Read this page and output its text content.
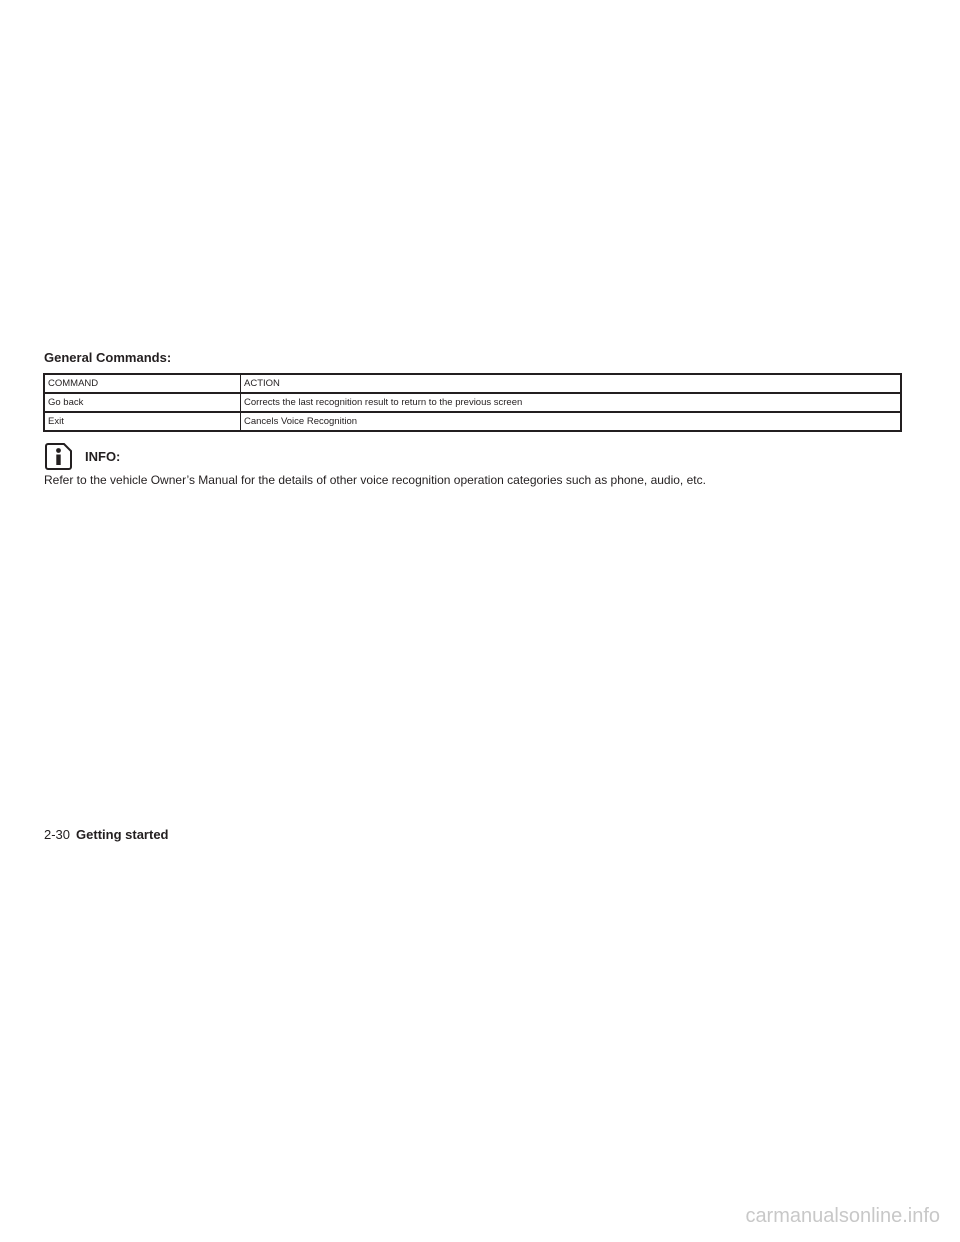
General Commands:
COMMAND	ACTION
Go back	Corrects the last recognition result to return to the previous screen
Exit	Cancels Voice Recognition
INFO:

Refer to the vehicle Owner’s Manual for the details of other voice recognition operation categories such as phone, audio, etc.

2-30 Getting started
carmanualsonline.info
